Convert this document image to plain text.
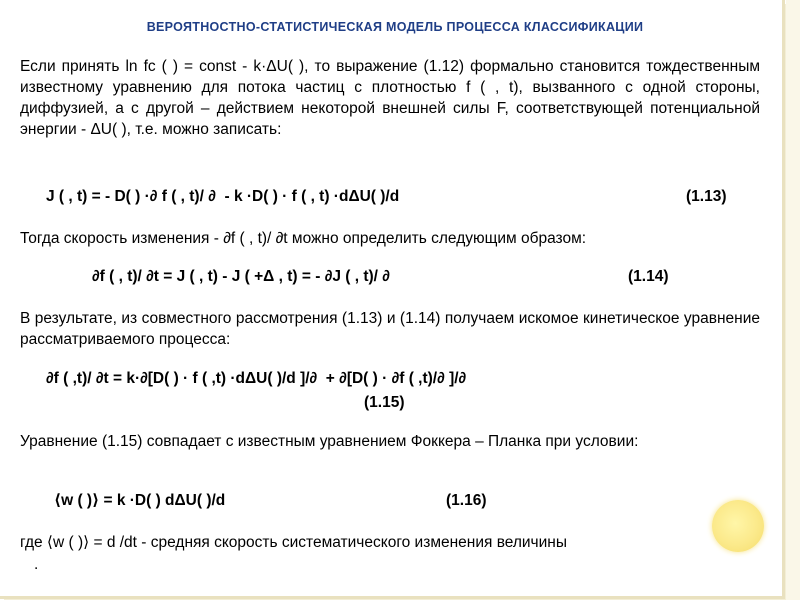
ВЕРОЯТНОСТНО-СТАТИСТИЧЕСКАЯ МОДЕЛЬ ПРОЦЕССА КЛАССИФИКАЦИИ
Если принять ln fc ( ) = const - k·ΔU( ), то выражение (1.12) формально становится тождественным известному уравнению для потока частиц с плотностью f ( , t), вызванного с одной стороны, диффузией, а с другой – действием некоторой внешней силы F, соответствующей потенциальной энергии - ΔU( ), т.е. можно записать:
J ( , t) = - D( ) ·∂ f ( , t)/ ∂  - k ·D( ) · f ( , t) ·dΔU( )/d	(1.13)
Тогда скорость изменения - ∂f ( , t)/ ∂t можно определить следующим образом:
∂f ( , t)/ ∂t = J ( , t) - J ( +Δ , t) = - ∂J ( , t)/ ∂	(1.14)
В результате, из совместного рассмотрения (1.13) и (1.14) получаем искомое кинетическое уравнение рассматриваемого процесса:
∂f ( ,t)/ ∂t = k·∂[D( ) · f ( ,t) ·dΔU( )/d ]/∂  + ∂[D( ) · ∂f ( ,t)/∂ ]/∂
(1.15)
Уравнение (1.15) совпадает с известным уравнением Фоккера – Планка при условии:
⟨w ( )⟩ = k ·D( ) dΔU( )/d	(1.16)
где ⟨w ( )⟩ = d /dt - средняя скорость систематического изменения величины
.
